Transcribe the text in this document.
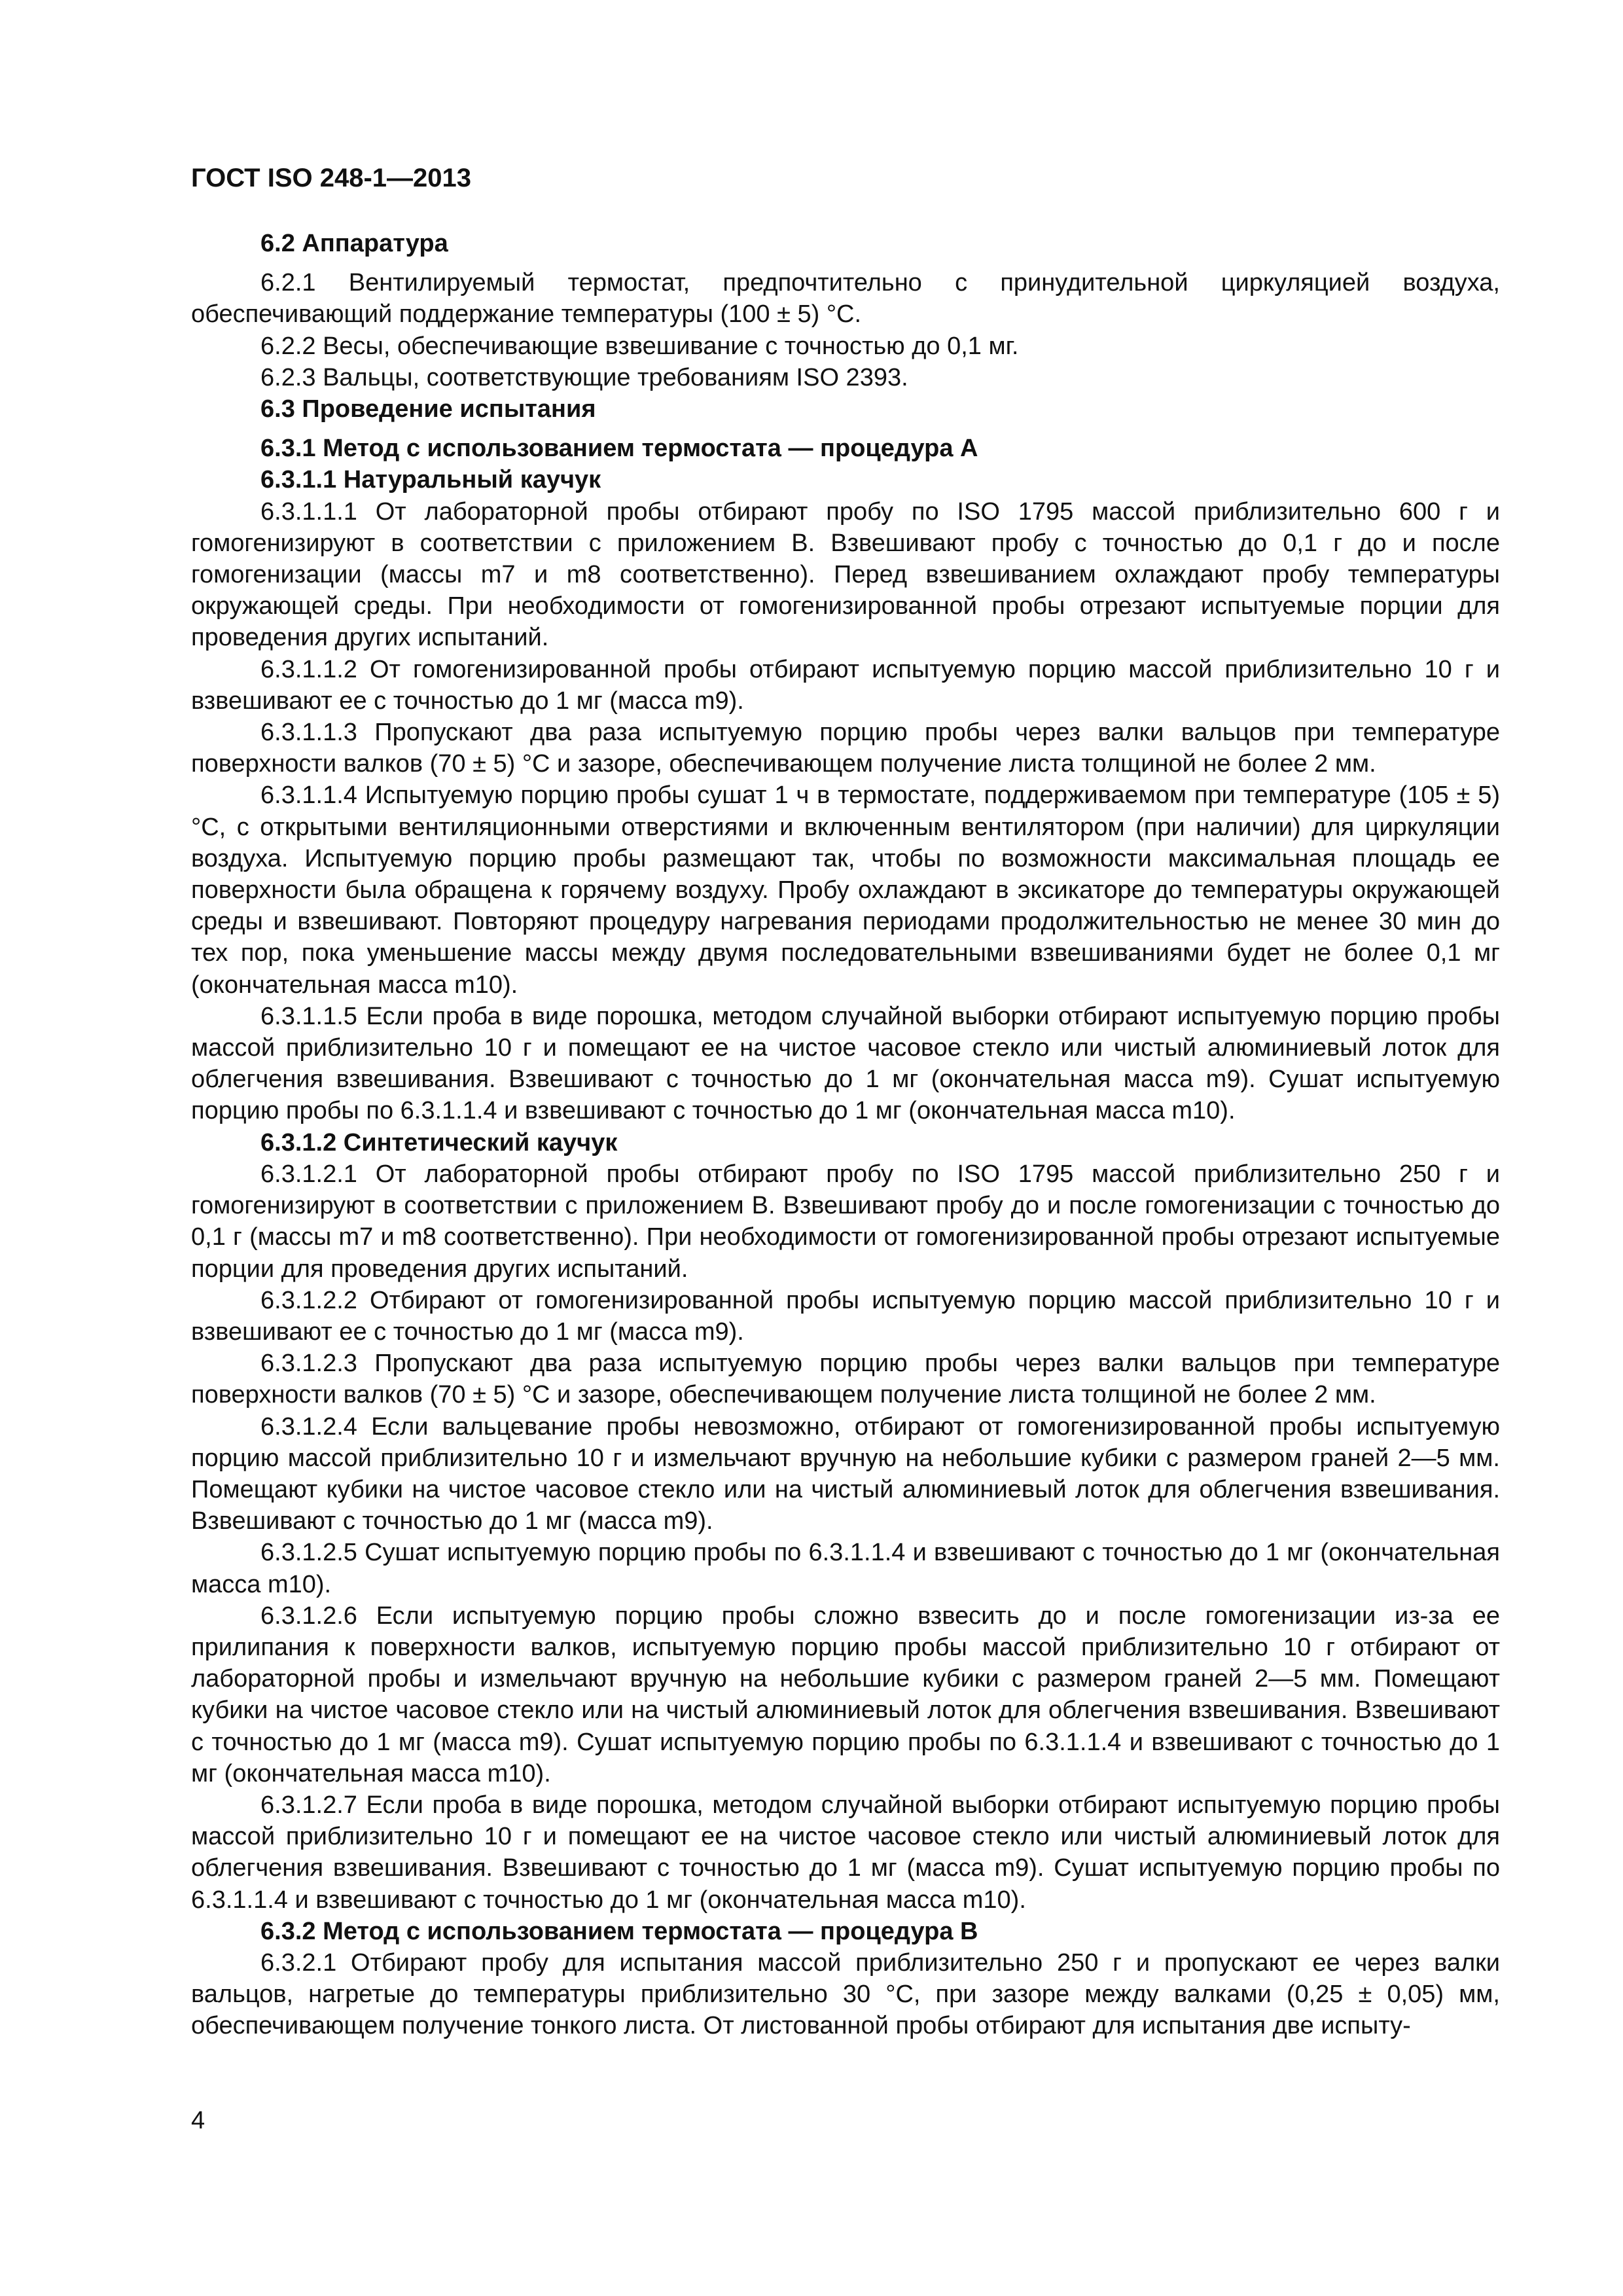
ГОСТ ISO 248-1—2013
6.2 Аппаратура
6.2.1 Вентилируемый термостат, предпочтительно с принудительной циркуляцией воздуха, обеспечивающий поддержание температуры (100 ± 5) °С.
6.2.2 Весы, обеспечивающие взвешивание с точностью до 0,1 мг.
6.2.3 Вальцы, соответствующие требованиям ISO 2393.
6.3 Проведение испытания
6.3.1 Метод с использованием термостата — процедура А
6.3.1.1 Натуральный каучук
6.3.1.1.1 От лабораторной пробы отбирают пробу по ISO 1795 массой приблизительно 600 г и гомогенизируют в соответствии с приложением В. Взвешивают пробу с точностью до 0,1 г до и после гомогенизации (массы m7 и m8 соответственно). Перед взвешиванием охлаждают пробу температуры окружающей среды. При необходимости от гомогенизированной пробы отрезают испытуемые порции для проведения других испытаний.
6.3.1.1.2 От гомогенизированной пробы отбирают испытуемую порцию массой приблизительно 10 г и взвешивают ее с точностью до 1 мг (масса m9).
6.3.1.1.3 Пропускают два раза испытуемую порцию пробы через валки вальцов при температуре поверхности валков (70 ± 5) °С и зазоре, обеспечивающем получение листа толщиной не более 2 мм.
6.3.1.1.4 Испытуемую порцию пробы сушат 1 ч в термостате, поддерживаемом при температуре (105 ± 5) °С, с открытыми вентиляционными отверстиями и включенным вентилятором (при наличии) для циркуляции воздуха. Испытуемую порцию пробы размещают так, чтобы по возможности максимальная площадь ее поверхности была обращена к горячему воздуху. Пробу охлаждают в эксикаторе до температуры окружающей среды и взвешивают. Повторяют процедуру нагревания периодами продолжительностью не менее 30 мин до тех пор, пока уменьшение массы между двумя последовательными взвешиваниями будет не более 0,1 мг (окончательная масса m10).
6.3.1.1.5 Если проба в виде порошка, методом случайной выборки отбирают испытуемую порцию пробы массой приблизительно 10 г и помещают ее на чистое часовое стекло или чистый алюминиевый лоток для облегчения взвешивания. Взвешивают с точностью до 1 мг (окончательная масса m9). Сушат испытуемую порцию пробы по 6.3.1.1.4 и взвешивают с точностью до 1 мг (окончательная масса m10).
6.3.1.2 Синтетический каучук
6.3.1.2.1 От лабораторной пробы отбирают пробу по ISO 1795 массой приблизительно 250 г и гомогенизируют в соответствии с приложением В. Взвешивают пробу до и после гомогенизации с точностью до 0,1 г (массы m7 и m8 соответственно). При необходимости от гомогенизированной пробы отрезают испытуемые порции для проведения других испытаний.
6.3.1.2.2 Отбирают от гомогенизированной пробы испытуемую порцию массой приблизительно 10 г и взвешивают ее с точностью до 1 мг (масса m9).
6.3.1.2.3 Пропускают два раза испытуемую порцию пробы через валки вальцов при температуре поверхности валков (70 ± 5) °С и зазоре, обеспечивающем получение листа толщиной не более 2 мм.
6.3.1.2.4 Если вальцевание пробы невозможно, отбирают от гомогенизированной пробы испытуемую порцию массой приблизительно 10 г и измельчают вручную на небольшие кубики с размером граней 2—5 мм. Помещают кубики на чистое часовое стекло или на чистый алюминиевый лоток для облегчения взвешивания. Взвешивают с точностью до 1 мг (масса m9).
6.3.1.2.5 Сушат испытуемую порцию пробы по 6.3.1.1.4 и взвешивают с точностью до 1 мг (окончательная масса m10).
6.3.1.2.6 Если испытуемую порцию пробы сложно взвесить до и после гомогенизации из-за ее прилипания к поверхности валков, испытуемую порцию пробы массой приблизительно 10 г отбирают от лабораторной пробы и измельчают вручную на небольшие кубики с размером граней 2—5 мм. Помещают кубики на чистое часовое стекло или на чистый алюминиевый лоток для облегчения взвешивания. Взвешивают с точностью до 1 мг (масса m9). Сушат испытуемую порцию пробы по 6.3.1.1.4 и взвешивают с точностью до 1 мг (окончательная масса m10).
6.3.1.2.7 Если проба в виде порошка, методом случайной выборки отбирают испытуемую порцию пробы массой приблизительно 10 г и помещают ее на чистое часовое стекло или чистый алюминиевый лоток для облегчения взвешивания. Взвешивают с точностью до 1 мг (масса m9). Сушат испытуемую порцию пробы по 6.3.1.1.4 и взвешивают с точностью до 1 мг (окончательная масса m10).
6.3.2 Метод с использованием термостата — процедура В
6.3.2.1 Отбирают пробу для испытания массой приблизительно 250 г и пропускают ее через валки вальцов, нагретые до температуры приблизительно 30 °С, при зазоре между валками (0,25 ± 0,05) мм, обеспечивающем получение тонкого листа. От листованной пробы отбирают для испытания две испыту-
4
